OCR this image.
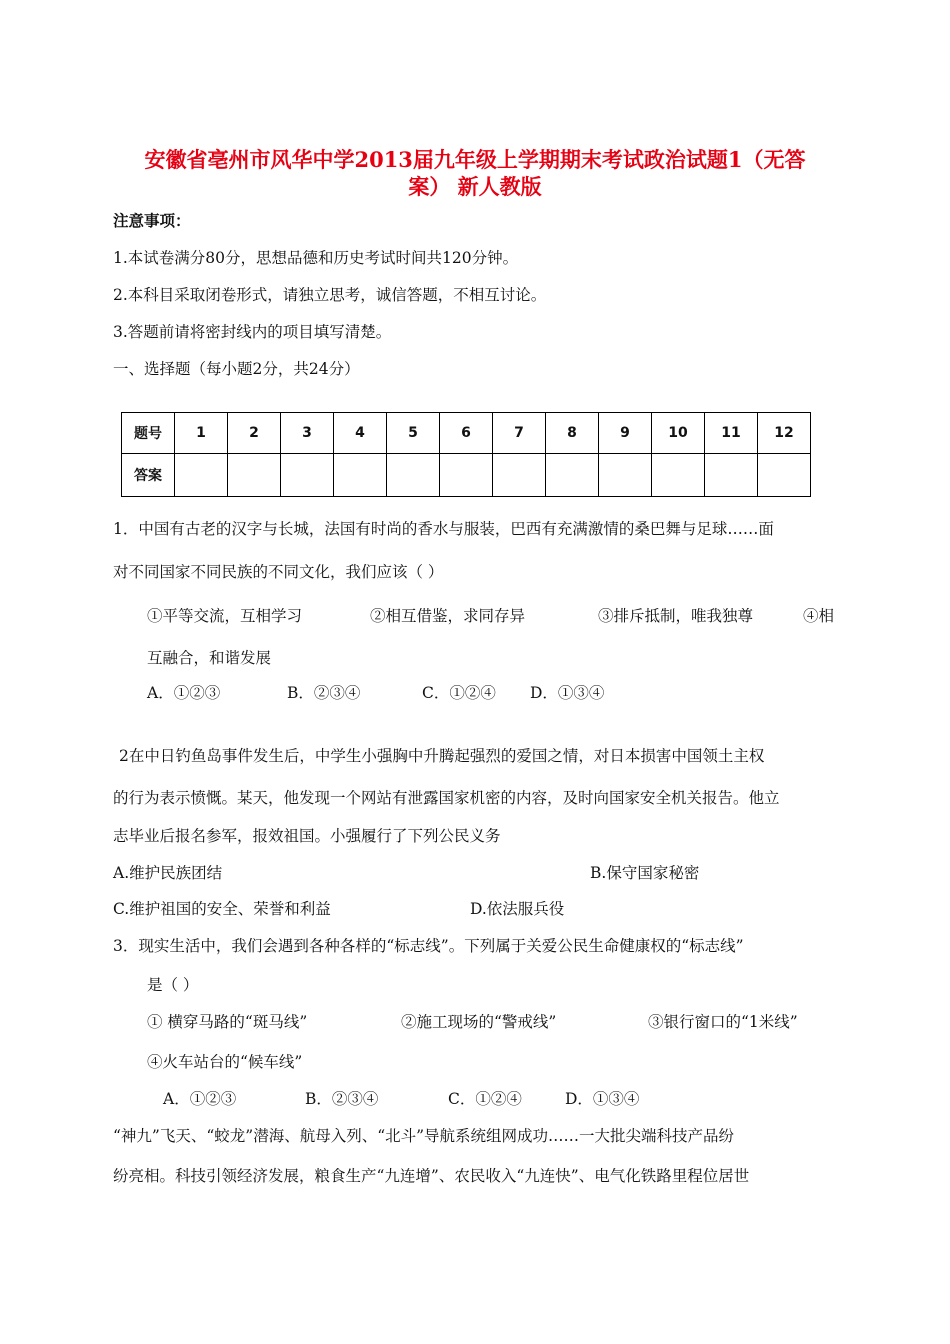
安徽省亳州市风华中学2013届九年级上学期期末考试政治试题1（无答
案） 新人教版
注意事项：
1.本试卷满分80分，思想品德和历史考试时间共120分钟。
2.本科目采取闭卷形式，请独立思考，诚信答题，不相互讨论。
3.答题前请将密封线内的项目填写清楚。
一、选择题（每小题2分，共24分）
题号	1	2	3	4	5	6	7	8	9	10	11	12
答案												
1．中国有古老的汉字与长城，法国有时尚的香水与服装，巴西有充满激情的桑巴舞与足球……面
对不同国家不同民族的不同文化，我们应该（ ）
①平等交流，互相学习	②相互借鉴，求同存异	③排斥抵制，唯我独尊	④相
互融合，和谐发展
A．①②③	B．②③④	C．①②④ D．①③④
2在中日钓鱼岛事件发生后，中学生小强胸中升腾起强烈的爱国之情，对日本损害中国领土主权
的行为表示愤慨。某天，他发现一个网站有泄露国家机密的内容，及时向国家安全机关报告。他立
志毕业后报名参军，报效祖国。小强履行了下列公民义务
A.维护民族团结	B.保守国家秘密
C.维护祖国的安全、荣誉和利益	D.依法服兵役
3．现实生活中，我们会遇到各种各样的“标志线”。下列属于关爱公民生命健康权的“标志线”
是（ ）
① 横穿马路的“斑马线”	②施工现场的“警戒线”	③银行窗口的“1米线”
④火车站台的“候车线”
A．①②③	B．②③④	C．①②④	D．①③④
“神九”飞天、“蛟龙”潜海、航母入列、“北斗”导航系统组网成功……一大批尖端科技产品纷
纷亮相。科技引领经济发展，粮食生产“九连增”、农民收入“九连快”、电气化铁路里程位居世
